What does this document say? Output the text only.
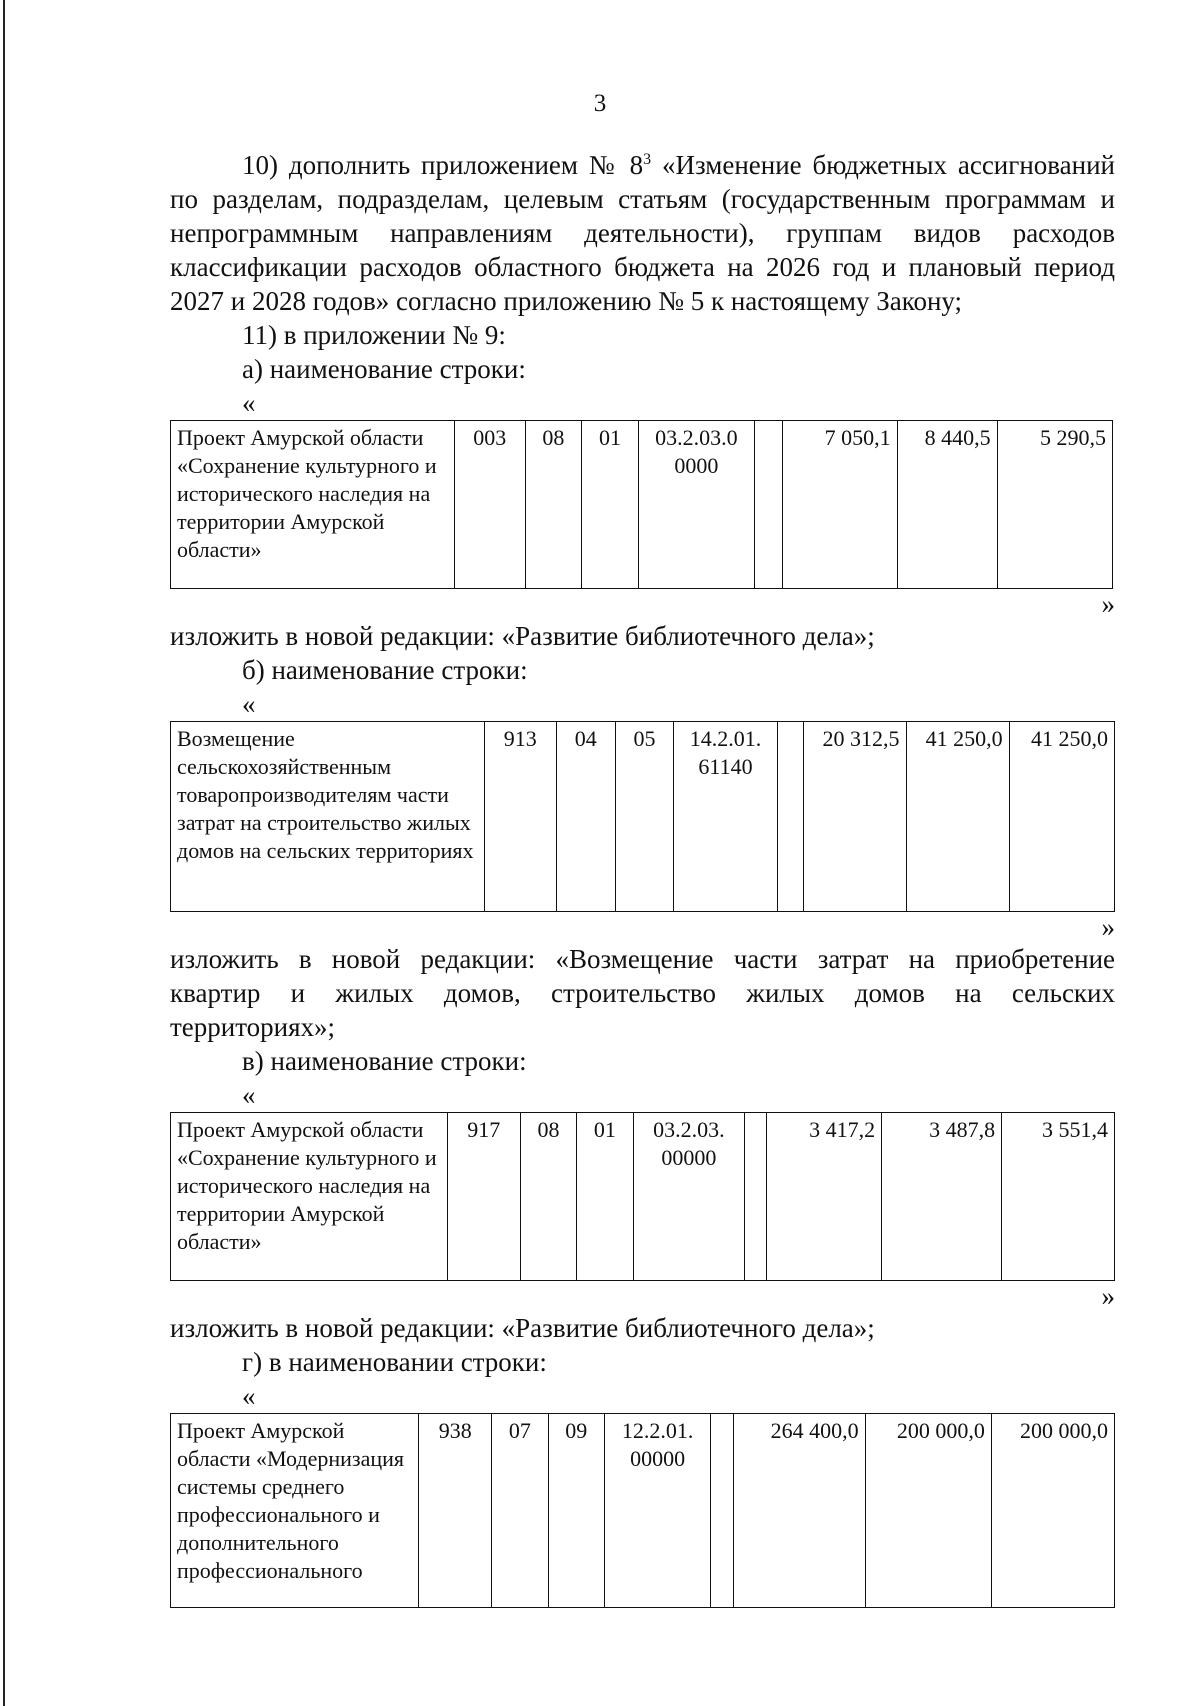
3

10) дополнить приложением № $8^3$ «Изменение бюджетных ассигнований по разделам, подразделам, целевым статьям (государственным программам и непрограммным направлениям деятельности), группам видов расходов классификации расходов областного бюджета на 2026 год и плановый период 2027 и 2028 годов» согласно приложению № 5 к настоящему Закону;

11) в приложении № 9:

а) наименование строки:

«
Проект Амурской области «Сохранение культурного и исторического наследия на территории Амурской области»	003	08	01	03.2.03.0 0000		7 050,1	8 440,5	5 290,5
»

изложить в новой редакции: «Развитие библиотечного дела»;

б) наименование строки:

«
Возмещение сельскохозяйственным товаропроизводителям части затрат на строительство жилых домов на сельских территориях	913	04	05	14.2.01. 61140		20 312,5	41 250,0	41 250,0
»

изложить в новой редакции: «Возмещение части затрат на приобретение

квартир и жилых домов, строительство жилых домов на сельских

территориях»;

в) наименование строки:

«
Проект Амурской области «Сохранение культурного и исторического наследия на территории Амурской области»	917	08	01	03.2.03. 00000		3 417,2	3 487,8	3 551,4
»

изложить в новой редакции: «Развитие библиотечного дела»;

г) в наименовании строки:

«
Проект Амурской области «Модернизация системы среднего профессионального и дополнительного профессионального	938	07	09	12.2.01. 00000		264 400,0	200 000,0	200 000,0
